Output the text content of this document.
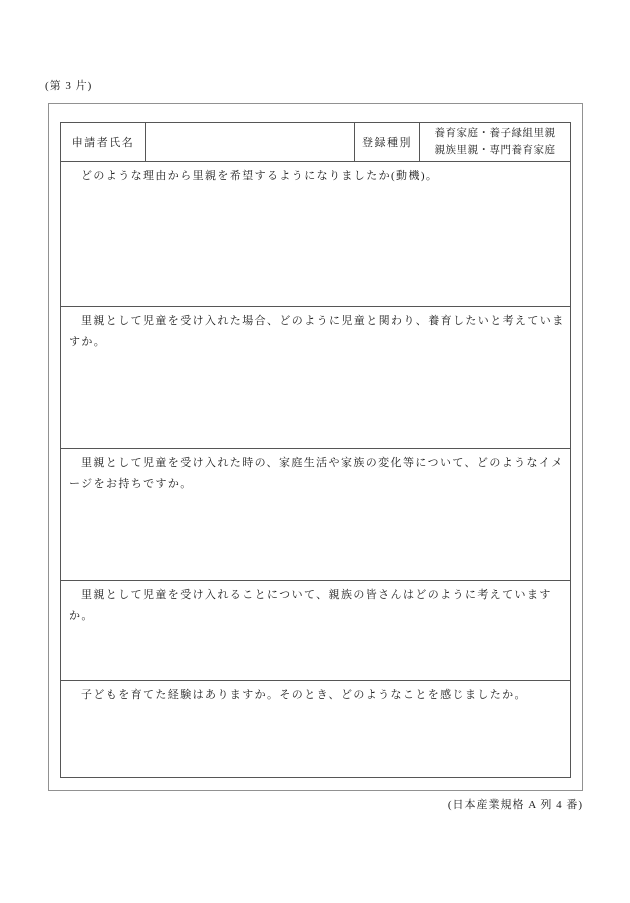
(第 3 片)
申請者氏名	登録種別
養育家庭・養子縁組里親
親族里親・専門養育家庭
どのような理由から里親を希望するようになりましたか(動機)。
里親として児童を受け入れた場合、どのように児童と関わり、養育したいと考えていますか。
里親として児童を受け入れた時の、家庭生活や家族の変化等について、どのようなイメージをお持ちですか。
里親として児童を受け入れることについて、親族の皆さんはどのように考えていますか。
子どもを育てた経験はありますか。そのとき、どのようなことを感じましたか。
(日本産業規格 A 列 4 番)
